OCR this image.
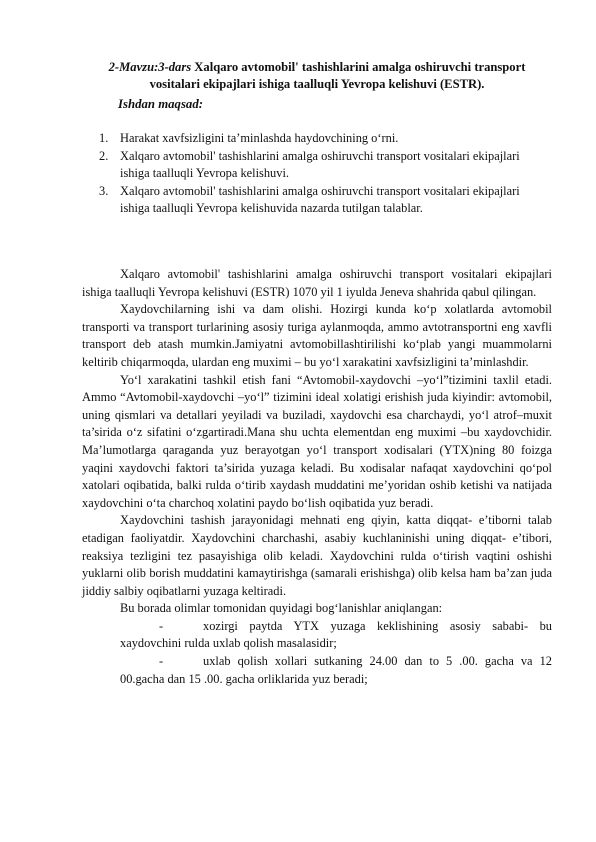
2-Mavzu:3-dars Xalqaro avtomobil' tashishlarini amalga oshiruvchi transport vositalari ekipajlari ishiga taalluqli Yevropa kelishuvi (ESTR).
Ishdan maqsad:
1. Harakat xavfsizligini ta’minlashda haydovchining o‘rni.
2. Xalqaro avtomobil' tashishlarini amalga oshiruvchi transport vositalari ekipajlari ishiga taalluqli Yevropa kelishuvi.
3. Xalqaro avtomobil' tashishlarini amalga oshiruvchi transport vositalari ekipajlari ishiga taalluqli Yevropa kelishuvida nazarda tutilgan talablar.

Xalqaro avtomobil' tashishlarini amalga oshiruvchi transport vositalari ekipajlari ishiga taalluqli Yevropa kelishuvi (ESTR) 1070 yil 1 iyulda Jeneva shahrida qabul qilingan.

Xaydovchilarning ishi va dam olishi. Hozirgi kunda ko‘p xolatlarda avtomobil transporti va transport turlarining asosiy turiga aylanmoqda, ammo avtotransportni eng xavfli transport deb atash mumkin.Jamiyatni avtomobillashtirilishi ko‘plab yangi muammolarni keltirib chiqarmoqda, ulardan eng muximi – bu yo‘l xarakatini xavfsizligini ta’minlashdir.

Yo‘l xarakatini tashkil etish fani “Avtomobil-xaydovchi –yo‘l”tizimini taxlil etadi. Ammo “Avtomobil-xaydovchi –yo‘l” tizimini ideal xolatigi erishish juda kiyindir: avtomobil, uning qismlari va detallari yeyiladi va buziladi, xaydovchi esa charchaydi, yo‘l atrof–muxit ta’sirida o‘z sifatini o‘zgartiradi.Mana shu uchta elementdan eng muximi –bu xaydovchidir. Ma’lumotlarga qaraganda yuz berayotgan yo‘l transport xodisalari (YTX)ning 80 foizga yaqini xaydovchi faktori ta’sirida yuzaga keladi. Bu xodisalar nafaqat xaydovchini qo‘pol xatolari oqibatida, balki rulda o‘tirib xaydash muddatini me’yoridan oshib ketishi va natijada xaydovchini o‘ta charchoq xolatini paydo bo‘lish oqibatida yuz beradi.

Xaydovchini tashish jarayonidagi mehnati eng qiyin, katta diqqat- e’tiborni talab etadigan faoliyatdir. Xaydovchini charchashi, asabiy kuchlaninishi uning diqqat- e’tibori, reaksiya tezligini tez pasayishiga olib keladi. Xaydovchini rulda o‘tirish vaqtini oshishi yuklarni olib borish muddatini kamaytirishga (samarali erishishga) olib kelsa ham ba’zan juda jiddiy salbiy oqibatlarni yuzaga keltiradi.

Bu borada olimlar tomonidan quyidagi bog‘lanishlar aniqlangan:

-	xozirgi paytda YTX yuzaga keklishining asosiy sababi- bu xaydovchini rulda uxlab qolish masalasidir;

-	uxlab qolish xollari sutkaning 24.00 dan to 5 .00. gacha va 12 00.gacha dan 15 .00. gacha orliklarida yuz beradi;
